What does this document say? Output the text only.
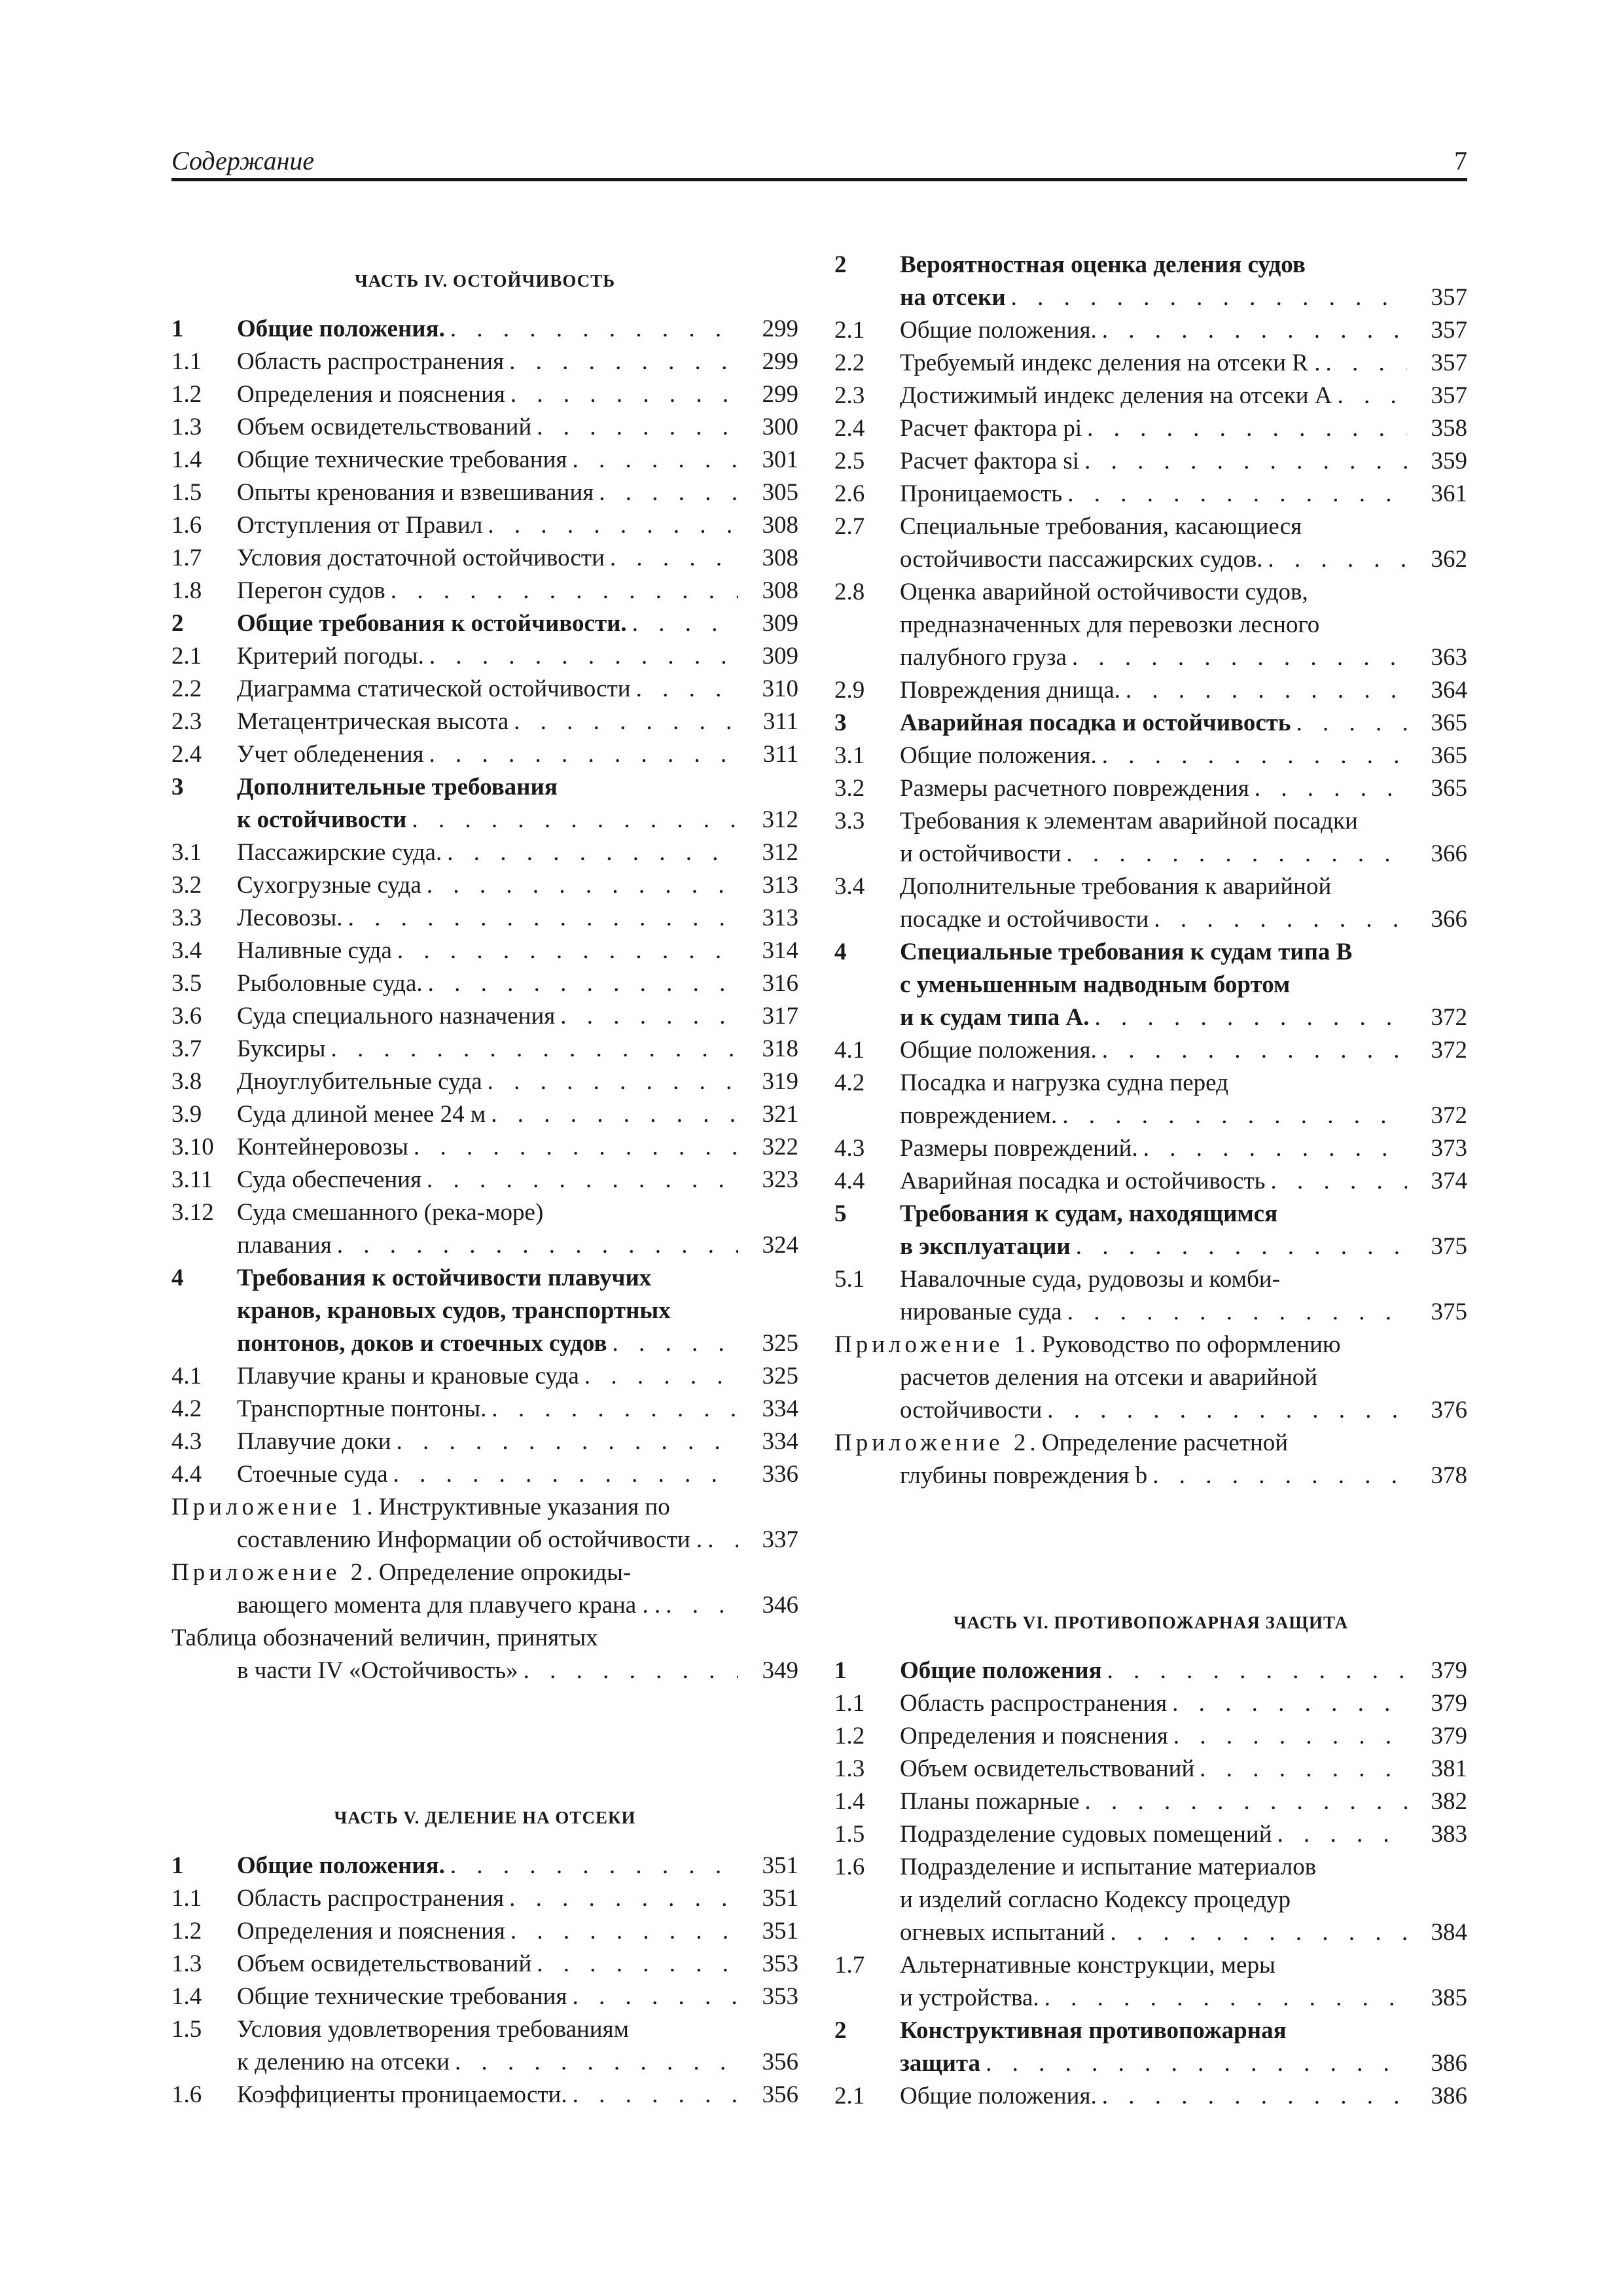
Содержание	7
ЧАСТЬ IV. ОСТОЙЧИВОСТЬ
1	Общие положения. . . .	299
1.1	Область распространения . . .	299
1.2	Определения и пояснения . . .	299
1.3	Объем освидетельствований . . .	300
1.4	Общие технические требования . . .	301
1.5	Опыты кренования и взвешивания . . .	305
1.6	Отступления от Правил . . .	308
1.7	Условия достаточной остойчивости . . .	308
1.8	Перегон судов . . .	308
2	Общие требования к остойчивости. . . .	309
2.1	Критерий погоды. . . .	309
2.2	Диаграмма статической остойчивости . . .	310
2.3	Метацентрическая высота . . .	311
2.4	Учет обледенения . . .	311
3	Дополнительные требования
к остойчивости . . .	312
3.1	Пассажирские суда. . . .	312
3.2	Сухогрузные суда . . .	313
3.3	Лесовозы. . . .	313
3.4	Наливные суда . . .	314
3.5	Рыболовные суда. . . .	316
3.6	Суда специального назначения . . .	317
3.7	Буксиры . . .	318
3.8	Дноуглубительные суда . . .	319
3.9	Суда длиной менее 24 м . . .	321
3.10 Контейнеровозы . . .	322
3.11 Суда обеспечения . . .	323
3.12 Суда смешанного (река-море)
плавания . . .	324
4	Требования к остойчивости плавучих
кранов, крановых судов, транспортных
понтонов, доков и стоечных судов . . .	325
4.1	Плавучие краны и крановые суда . . .	325
4.2	Транспортные понтоны. . . .	334
4.3	Плавучие доки . . .	334
4.4	Стоечные суда . . .	336
Приложение 1. Инструктивные указания по
составлению Информации об остойчивости . . . .	337
Приложение 2. Определение опрокиды-
вающего момента для плавучего крана . . . . .	346
Таблица обозначений величин, принятых
в части IV «Остойчивость» . . .	349
ЧАСТЬ V. ДЕЛЕНИЕ НА ОТСЕКИ
1	Общие положения. . . .	351
1.1	Область распространения . . .	351
1.2	Определения и пояснения . . .	351
1.3	Объем освидетельствований . . .	353
1.4	Общие технические требования . . .	353
1.5	Условия удовлетворения требованиям
к делению на отсеки . . .	356
1.6	Коэффициенты проницаемости. . . .	356
2	Вероятностная оценка деления судов
на отсеки . . .	357
2.1	Общие положения. . . .	357
2.2	Требуемый индекс деления на отсеки R . . . .	357
2.3	Достижимый индекс деления на отсеки A . . .	357
2.4	Расчет фактора pi . . .	358
2.5	Расчет фактора si . . .	359
2.6	Проницаемость . . .	361
2.7	Специальные требования, касающиеся
остойчивости пассажирских судов. . . .	362
2.8	Оценка аварийной остойчивости судов,
предназначенных для перевозки лесного
палубного груза . . .	363
2.9	Повреждения днища. . . .	364
3	Аварийная посадка и остойчивость . . .	365
3.1	Общие положения. . . .	365
3.2	Размеры расчетного повреждения . . .	365
3.3	Требования к элементам аварийной посадки
и остойчивости . . .	366
3.4	Дополнительные требования к аварийной
посадке и остойчивости . . .	366
4	Специальные требования к судам типа B
с уменьшенным надводным бортом
и к судам типа А. . . .	372
4.1	Общие положения. . . .	372
4.2	Посадка и нагрузка судна перед
повреждением. . . .	372
4.3	Размеры повреждений. . . .	373
4.4	Аварийная посадка и остойчивость . . .	374
5	Требования к судам, находящимся
в эксплуатации . . .	375
5.1	Навалочные суда, рудовозы и комби-
нированые суда . . .	375
Приложение 1. Руководство по оформлению
расчетов деления на отсеки и аварийной
остойчивости . . .	376
Приложение 2. Определение расчетной
глубины повреждения b . . .	378
ЧАСТЬ VI. ПРОТИВОПОЖАРНАЯ ЗАЩИТА
1	Общие положения . . .	379
1.1	Область распространения . . .	379
1.2	Определения и пояснения . . .	379
1.3	Объем освидетельствований . . .	381
1.4	Планы пожарные . . .	382
1.5	Подразделение судовых помещений . . .	383
1.6	Подразделение и испытание материалов
и изделий согласно Кодексу процедур
огневых испытаний . . .	384
1.7	Альтернативные конструкции, меры
и устройства. . . .	385
2	Конструктивная противопожарная
защита . . .	386
2.1	Общие положения. . . .	386
